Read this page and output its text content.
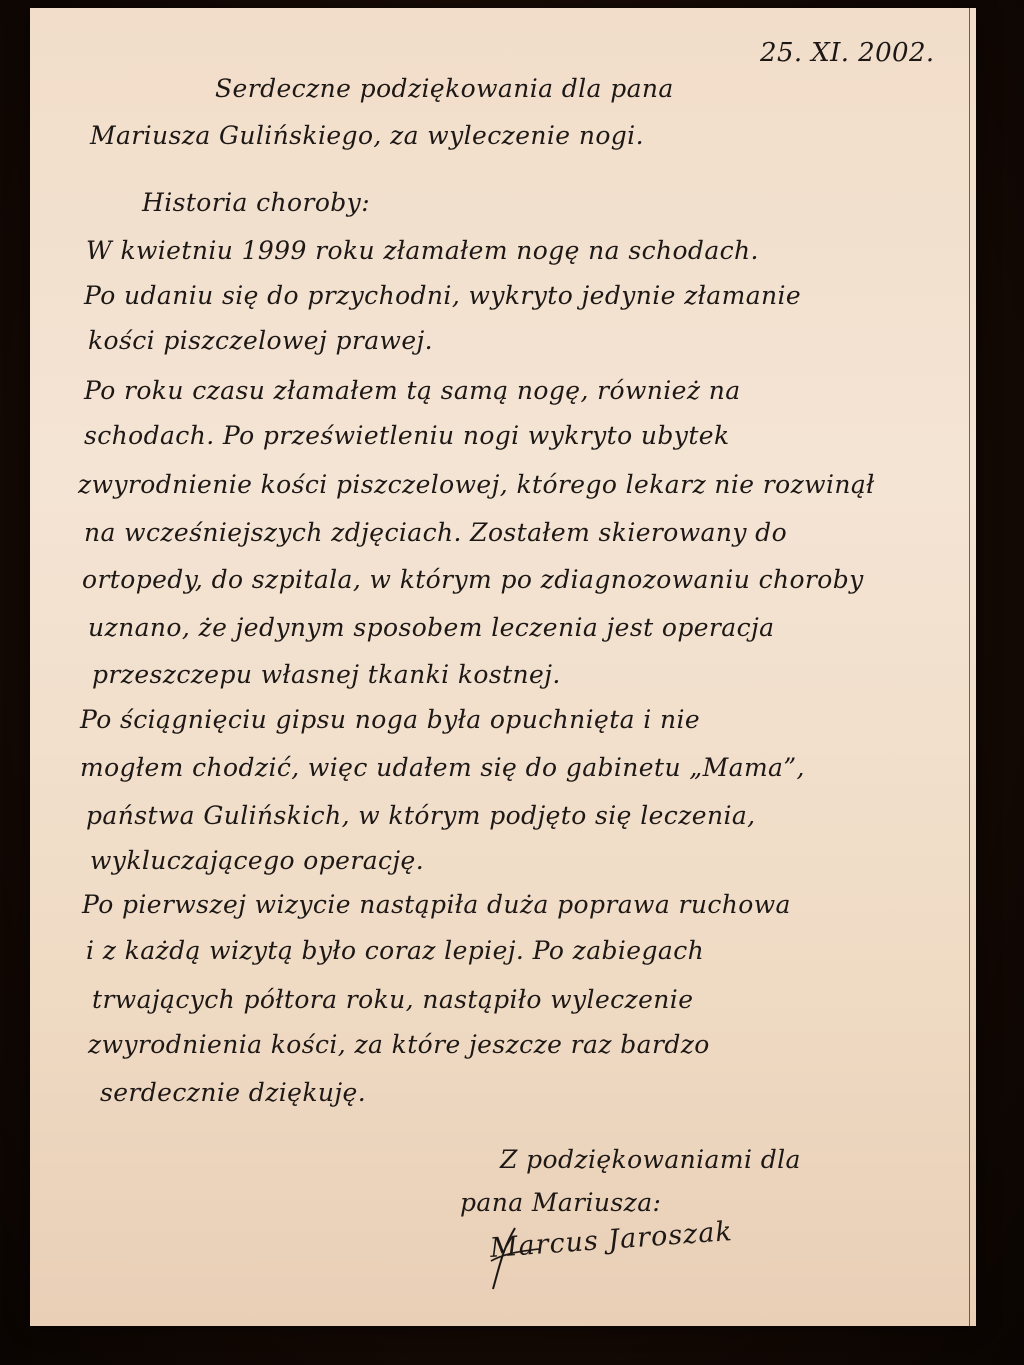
25. XI. 2002.
Serdeczne podziękowania dla pana
Mariusza Gulińskiego, za wyleczenie nogi.
Historia choroby:
W kwietniu 1999 roku złamałem nogę na schodach.
Po udaniu się do przychodni, wykryto jedynie złamanie
kości piszczelowej prawej.
Po roku czasu złamałem tą samą nogę, również na
schodach. Po prześwietleniu nogi wykryto ubytek
zwyrodnienie kości piszczelowej, którego lekarz nie rozwinął
na wcześniejszych zdjęciach. Zostałem skierowany do
ortopedy, do szpitala, w którym po zdiagnozowaniu choroby
uznano, że jedynym sposobem leczenia jest operacja
przeszczepu własnej tkanki kostnej.
Po ściągnięciu gipsu noga była opuchnięta i nie
mogłem chodzić, więc udałem się do gabinetu „Mama”,
państwa Gulińskich, w którym podjęto się leczenia,
wykluczającego operację.
Po pierwszej wizycie nastąpiła duża poprawa ruchowa
i z każdą wizytą było coraz lepiej. Po zabiegach
trwających półtora roku, nastąpiło wyleczenie
zwyrodnienia kości, za które jeszcze raz bardzo
serdecznie dziękuję.
Z podziękowaniami dla
pana Mariusza:
Marcus Jaroszak
